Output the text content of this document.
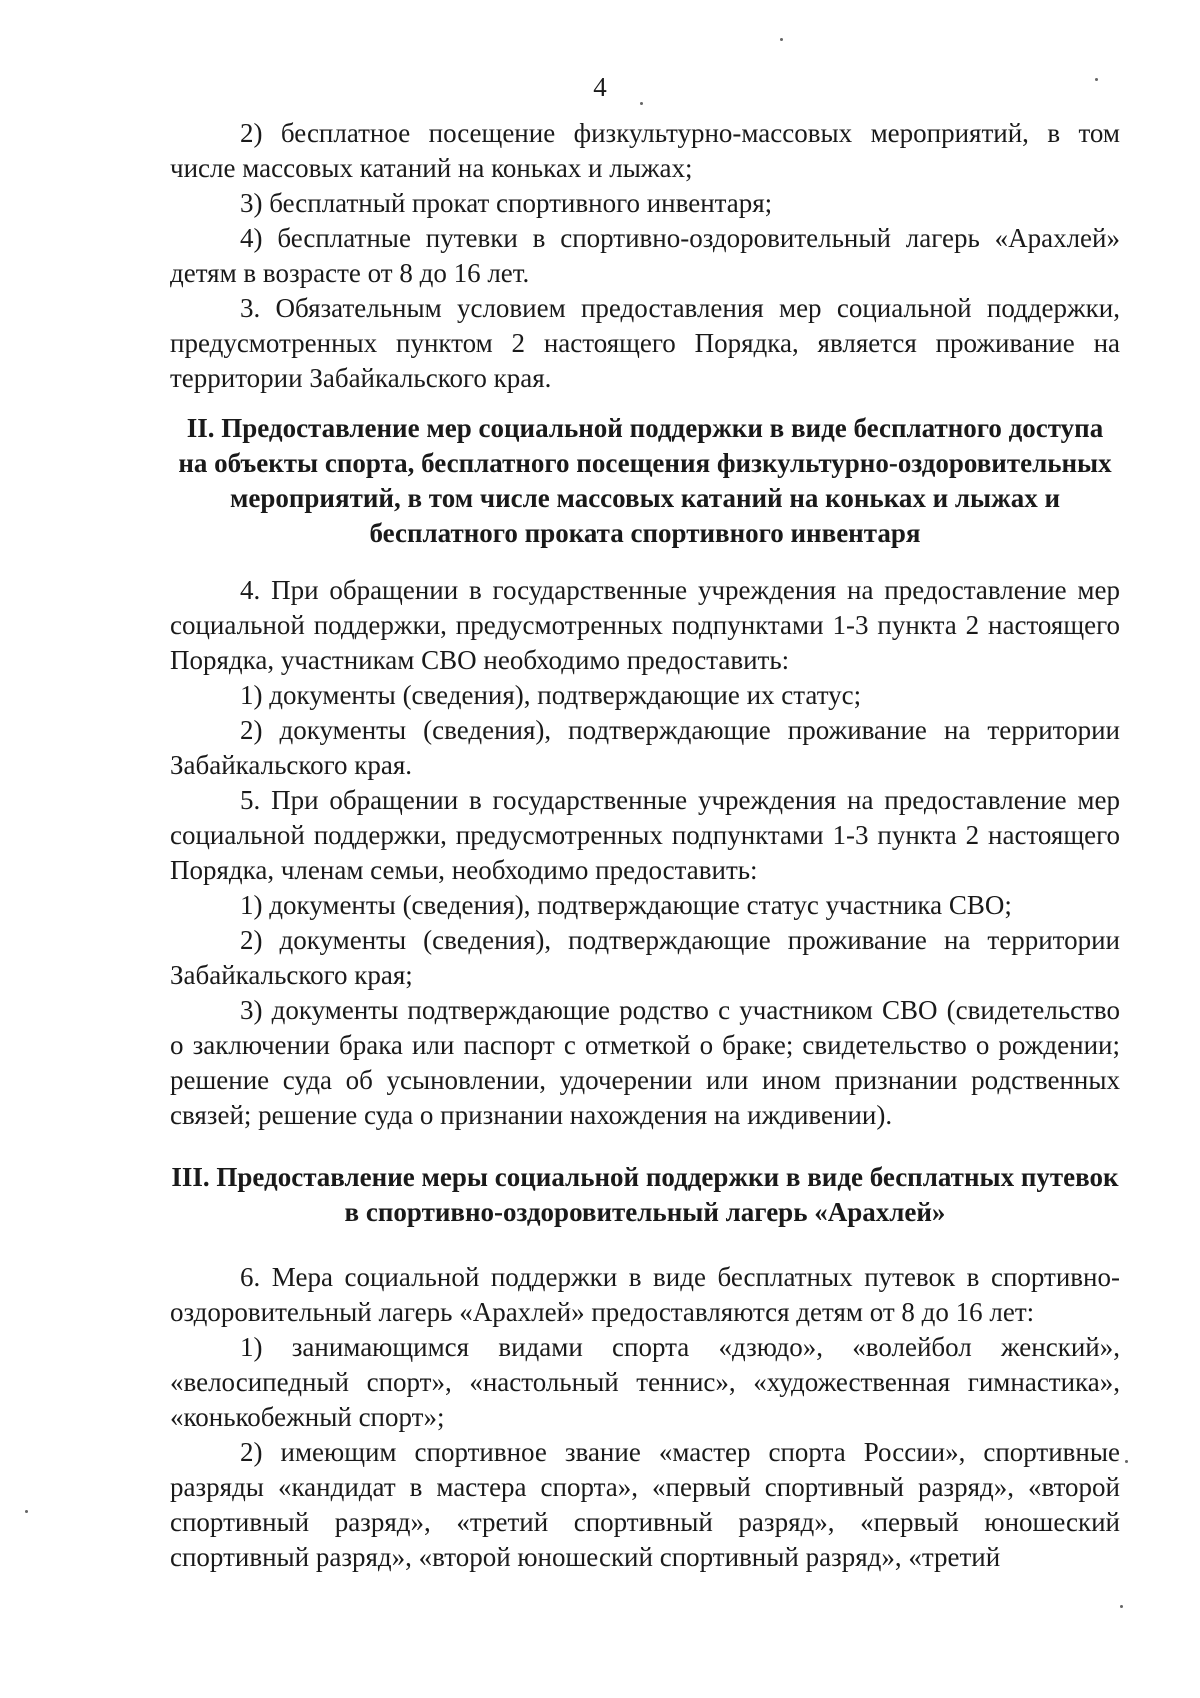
4

2) бесплатное посещение физкультурно-массовых мероприятий, в том числе массовых катаний на коньках и лыжах;

3) бесплатный прокат спортивного инвентаря;

4) бесплатные путевки в спортивно-оздоровительный лагерь «Арахлей» детям в возрасте от 8 до 16 лет.

3. Обязательным условием предоставления мер социальной поддержки, предусмотренных пунктом 2 настоящего Порядка, является проживание на территории Забайкальского края.

II. Предоставление мер социальной поддержки в виде бесплатного доступа на объекты спорта, бесплатного посещения физкультурно-оздоровительных мероприятий, в том числе массовых катаний на коньках и лыжах и бесплатного проката спортивного инвентаря

4. При обращении в государственные учреждения на предоставление мер социальной поддержки, предусмотренных подпунктами 1-3 пункта 2 настоящего Порядка, участникам СВО необходимо предоставить:

1) документы (сведения), подтверждающие их статус;

2) документы (сведения), подтверждающие проживание на территории Забайкальского края.

5. При обращении в государственные учреждения на предоставление мер социальной поддержки, предусмотренных подпунктами 1-3 пункта 2 настоящего Порядка, членам семьи, необходимо предоставить:

1) документы (сведения), подтверждающие статус участника СВО;

2) документы (сведения), подтверждающие проживание на территории Забайкальского края;

3) документы подтверждающие родство с участником СВО (свидетельство о заключении брака или паспорт с отметкой о браке; свидетельство о рождении; решение суда об усыновлении, удочерении или ином признании родственных связей; решение суда о признании нахождения на иждивении).

III. Предоставление меры социальной поддержки в виде бесплатных путевок в спортивно-оздоровительный лагерь «Арахлей»

6. Мера социальной поддержки в виде бесплатных путевок в спортивно-оздоровительный лагерь «Арахлей» предоставляются детям от 8 до 16 лет:

1) занимающимся видами спорта «дзюдо», «волейбол женский», «велосипедный спорт», «настольный теннис», «художественная гимнастика», «конькобежный спорт»;

2) имеющим спортивное звание «мастер спорта России», спортивные разряды «кандидат в мастера спорта», «первый спортивный разряд», «второй спортивный разряд», «третий спортивный разряд», «первый юношеский спортивный разряд», «второй юношеский спортивный разряд», «третий
